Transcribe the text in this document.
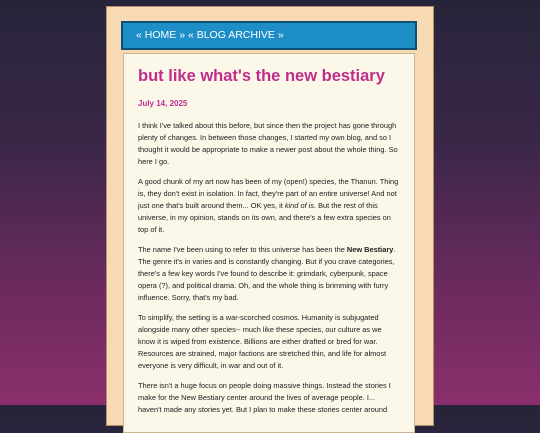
« HOME » « BLOG ARCHIVE »
but like what's the new bestiary
July 14, 2025

I think I've talked about this before, but since then the project has gone through plenty of changes. In between those changes, I started my own blog, and so I thought it would be appropriate to make a newer post about the whole thing. So here I go.

A good chunk of my art now has been of my (open!) species, the Thanun. Thing is, they don't exist in isolation. In fact, they're part of an entire universe! And not just one that's built around them... OK yes, it kind of is. But the rest of this universe, in my opinion, stands on its own, and there's a few extra species on top of it.

The name I've been using to refer to this universe has been the New Bestiary. The genre it's in varies and is constantly changing. But if you crave categories, there's a few key words I've found to describe it: grimdark, cyberpunk, space opera (?), and political drama. Oh, and the whole thing is brimming with furry influence. Sorry, that's my bad.

To simplify, the setting is a war-scorched cosmos. Humanity is subjugated alongside many other species-- much like these species, our culture as we know it is wiped from existence. Billions are either drafted or bred for war. Resources are strained, major factions are stretched thin, and life for almost everyone is very difficult, in war and out of it.

There isn't a huge focus on people doing massive things. Instead the stories I make for the New Bestiary center around the lives of average people. I... haven't made any stories yet. But I plan to make these stories center around
